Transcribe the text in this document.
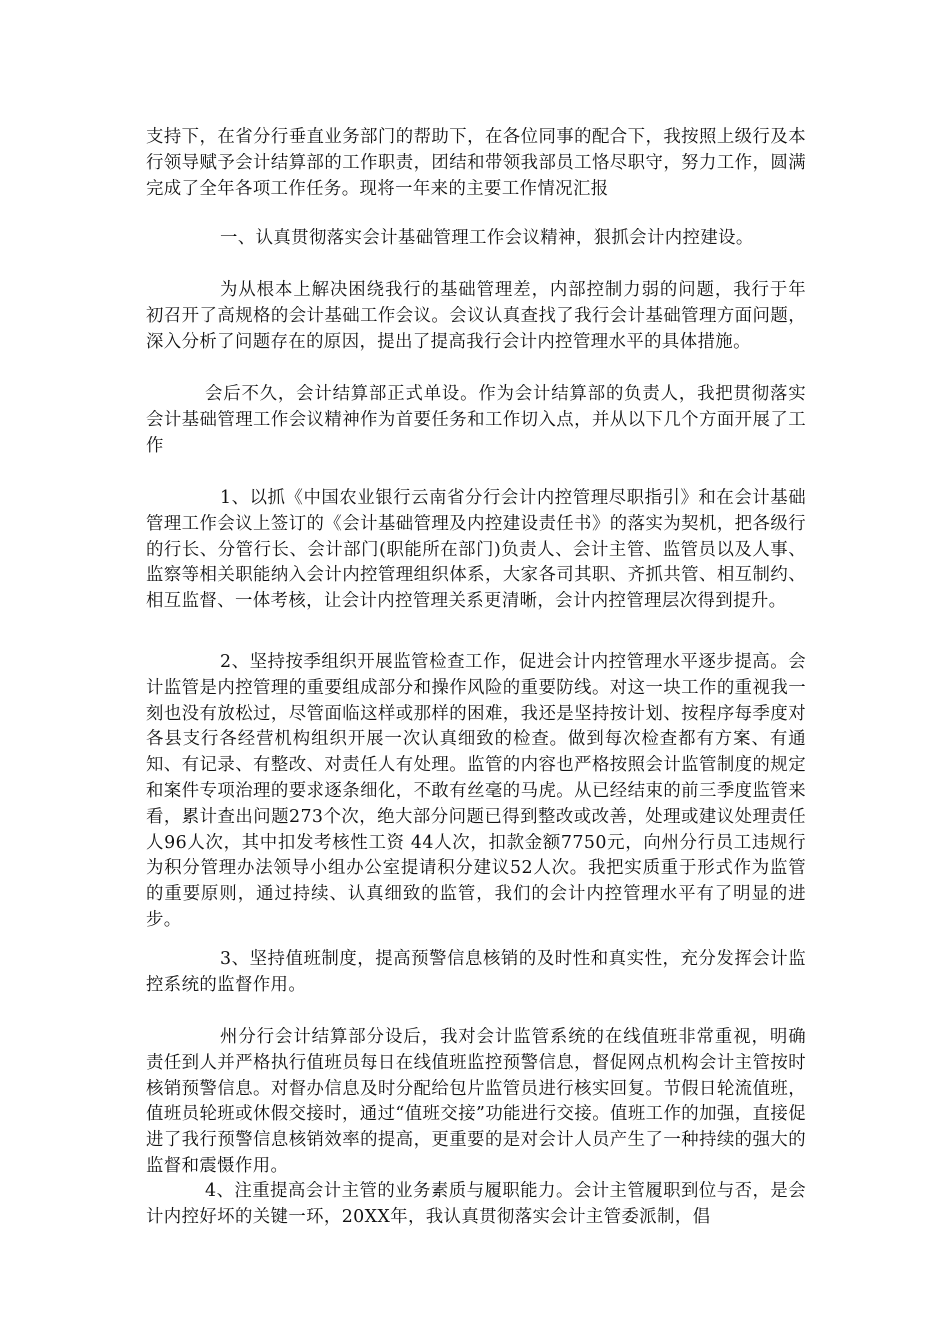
支持下，在省分行垂直业务部门的帮助下，在各位同事的配合下，我按照上级行及本行领导赋予会计结算部的工作职责，团结和带领我部员工恪尽职守，努力工作，圆满完成了全年各项工作任务。现将一年来的主要工作情况汇报

一、认真贯彻落实会计基础管理工作会议精神，狠抓会计内控建设。

为从根本上解决困绕我行的基础管理差，内部控制力弱的问题，我行于年初召开了高规格的会计基础工作会议。会议认真查找了我行会计基础管理方面问题，深入分析了问题存在的原因，提出了提高我行会计内控管理水平的具体措施。

会后不久，会计结算部正式单设。作为会计结算部的负责人，我把贯彻落实会计基础管理工作会议精神作为首要任务和工作切入点，并从以下几个方面开展了工作

1、以抓《中国农业银行云南省分行会计内控管理尽职指引》和在会计基础管理工作会议上签订的《会计基础管理及内控建设责任书》的落实为契机，把各级行的行长、分管行长、会计部门(职能所在部门)负责人、会计主管、监管员以及人事、监察等相关职能纳入会计内控管理组织体系，大家各司其职、齐抓共管、相互制约、相互监督、一体考核，让会计内控管理关系更清晰，会计内控管理层次得到提升。

2、坚持按季组织开展监管检查工作，促进会计内控管理水平逐步提高。会计监管是内控管理的重要组成部分和操作风险的重要防线。对这一块工作的重视我一刻也没有放松过，尽管面临这样或那样的困难，我还是坚持按计划、按程序每季度对各县支行各经营机构组织开展一次认真细致的检查。做到每次检查都有方案、有通知、有记录、有整改、对责任人有处理。监管的内容也严格按照会计监管制度的规定和案件专项治理的要求逐条细化，不敢有丝毫的马虎。从已经结束的前三季度监管来看，累计查出问题273个次，绝大部分问题已得到整改或改善，处理或建议处理责任人96人次，其中扣发考核性工资 44人次，扣款金额7750元，向州分行员工违规行为积分管理办法领导小组办公室提请积分建议52人次。我把实质重于形式作为监管的重要原则，通过持续、认真细致的监管，我们的会计内控管理水平有了明显的进步。

3、坚持值班制度，提高预警信息核销的及时性和真实性，充分发挥会计监控系统的监督作用。

州分行会计结算部分设后，我对会计监管系统的在线值班非常重视，明确责任到人并严格执行值班员每日在线值班监控预警信息，督促网点机构会计主管按时核销预警信息。对督办信息及时分配给包片监管员进行核实回复。节假日轮流值班，值班员轮班或休假交接时，通过“值班交接”功能进行交接。值班工作的加强，直接促进了我行预警信息核销效率的提高，更重要的是对会计人员产生了一种持续的强大的监督和震慑作用。

4、注重提高会计主管的业务素质与履职能力。会计主管履职到位与否，是会计内控好坏的关键一环，20XX年，我认真贯彻落实会计主管委派制，倡
